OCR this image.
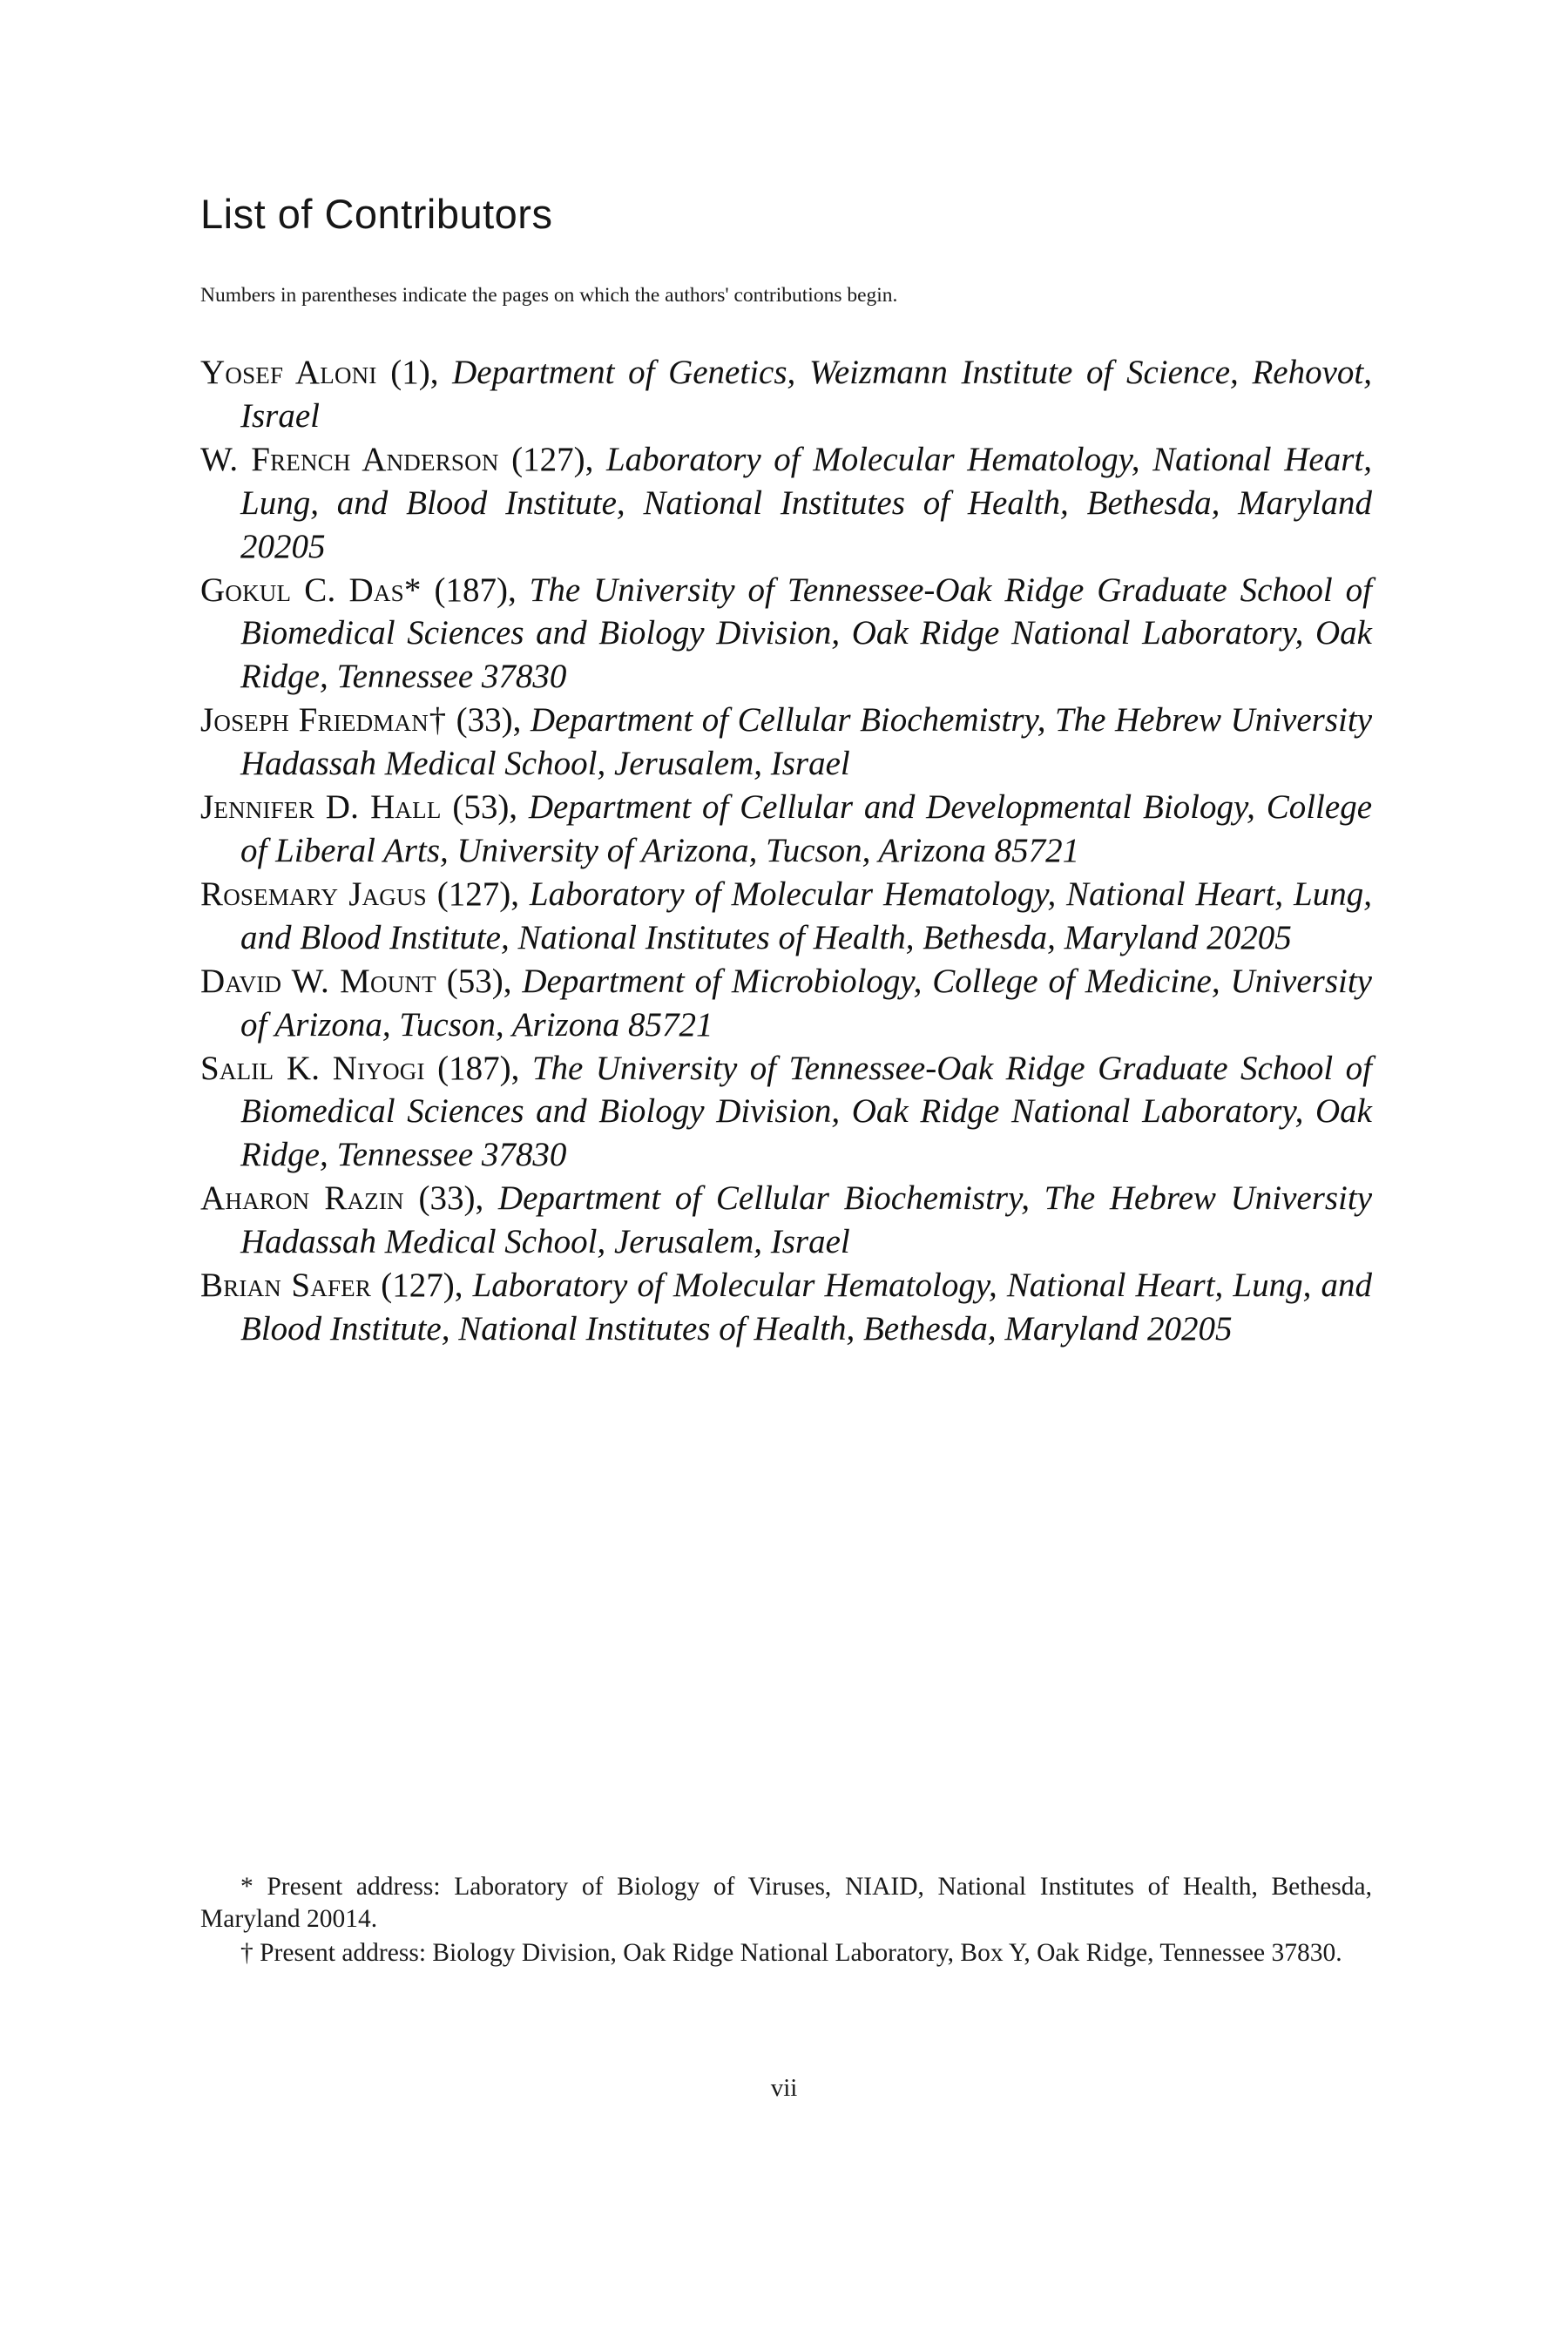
List of Contributors
Numbers in parentheses indicate the pages on which the authors' contributions begin.
Yosef Aloni (1), Department of Genetics, Weizmann Institute of Science, Rehovot, Israel
W. French Anderson (127), Laboratory of Molecular Hematology, National Heart, Lung, and Blood Institute, National Institutes of Health, Bethesda, Maryland 20205
Gokul C. Das* (187), The University of Tennessee-Oak Ridge Graduate School of Biomedical Sciences and Biology Division, Oak Ridge National Laboratory, Oak Ridge, Tennessee 37830
Joseph Friedman† (33), Department of Cellular Biochemistry, The Hebrew University Hadassah Medical School, Jerusalem, Israel
Jennifer D. Hall (53), Department of Cellular and Developmental Biology, College of Liberal Arts, University of Arizona, Tucson, Arizona 85721
Rosemary Jagus (127), Laboratory of Molecular Hematology, National Heart, Lung, and Blood Institute, National Institutes of Health, Bethesda, Maryland 20205
David W. Mount (53), Department of Microbiology, College of Medicine, University of Arizona, Tucson, Arizona 85721
Salil K. Niyogi (187), The University of Tennessee-Oak Ridge Graduate School of Biomedical Sciences and Biology Division, Oak Ridge National Laboratory, Oak Ridge, Tennessee 37830
Aharon Razin (33), Department of Cellular Biochemistry, The Hebrew University Hadassah Medical School, Jerusalem, Israel
Brian Safer (127), Laboratory of Molecular Hematology, National Heart, Lung, and Blood Institute, National Institutes of Health, Bethesda, Maryland 20205
* Present address: Laboratory of Biology of Viruses, NIAID, National Institutes of Health, Bethesda, Maryland 20014.
† Present address: Biology Division, Oak Ridge National Laboratory, Box Y, Oak Ridge, Tennessee 37830.
vii
